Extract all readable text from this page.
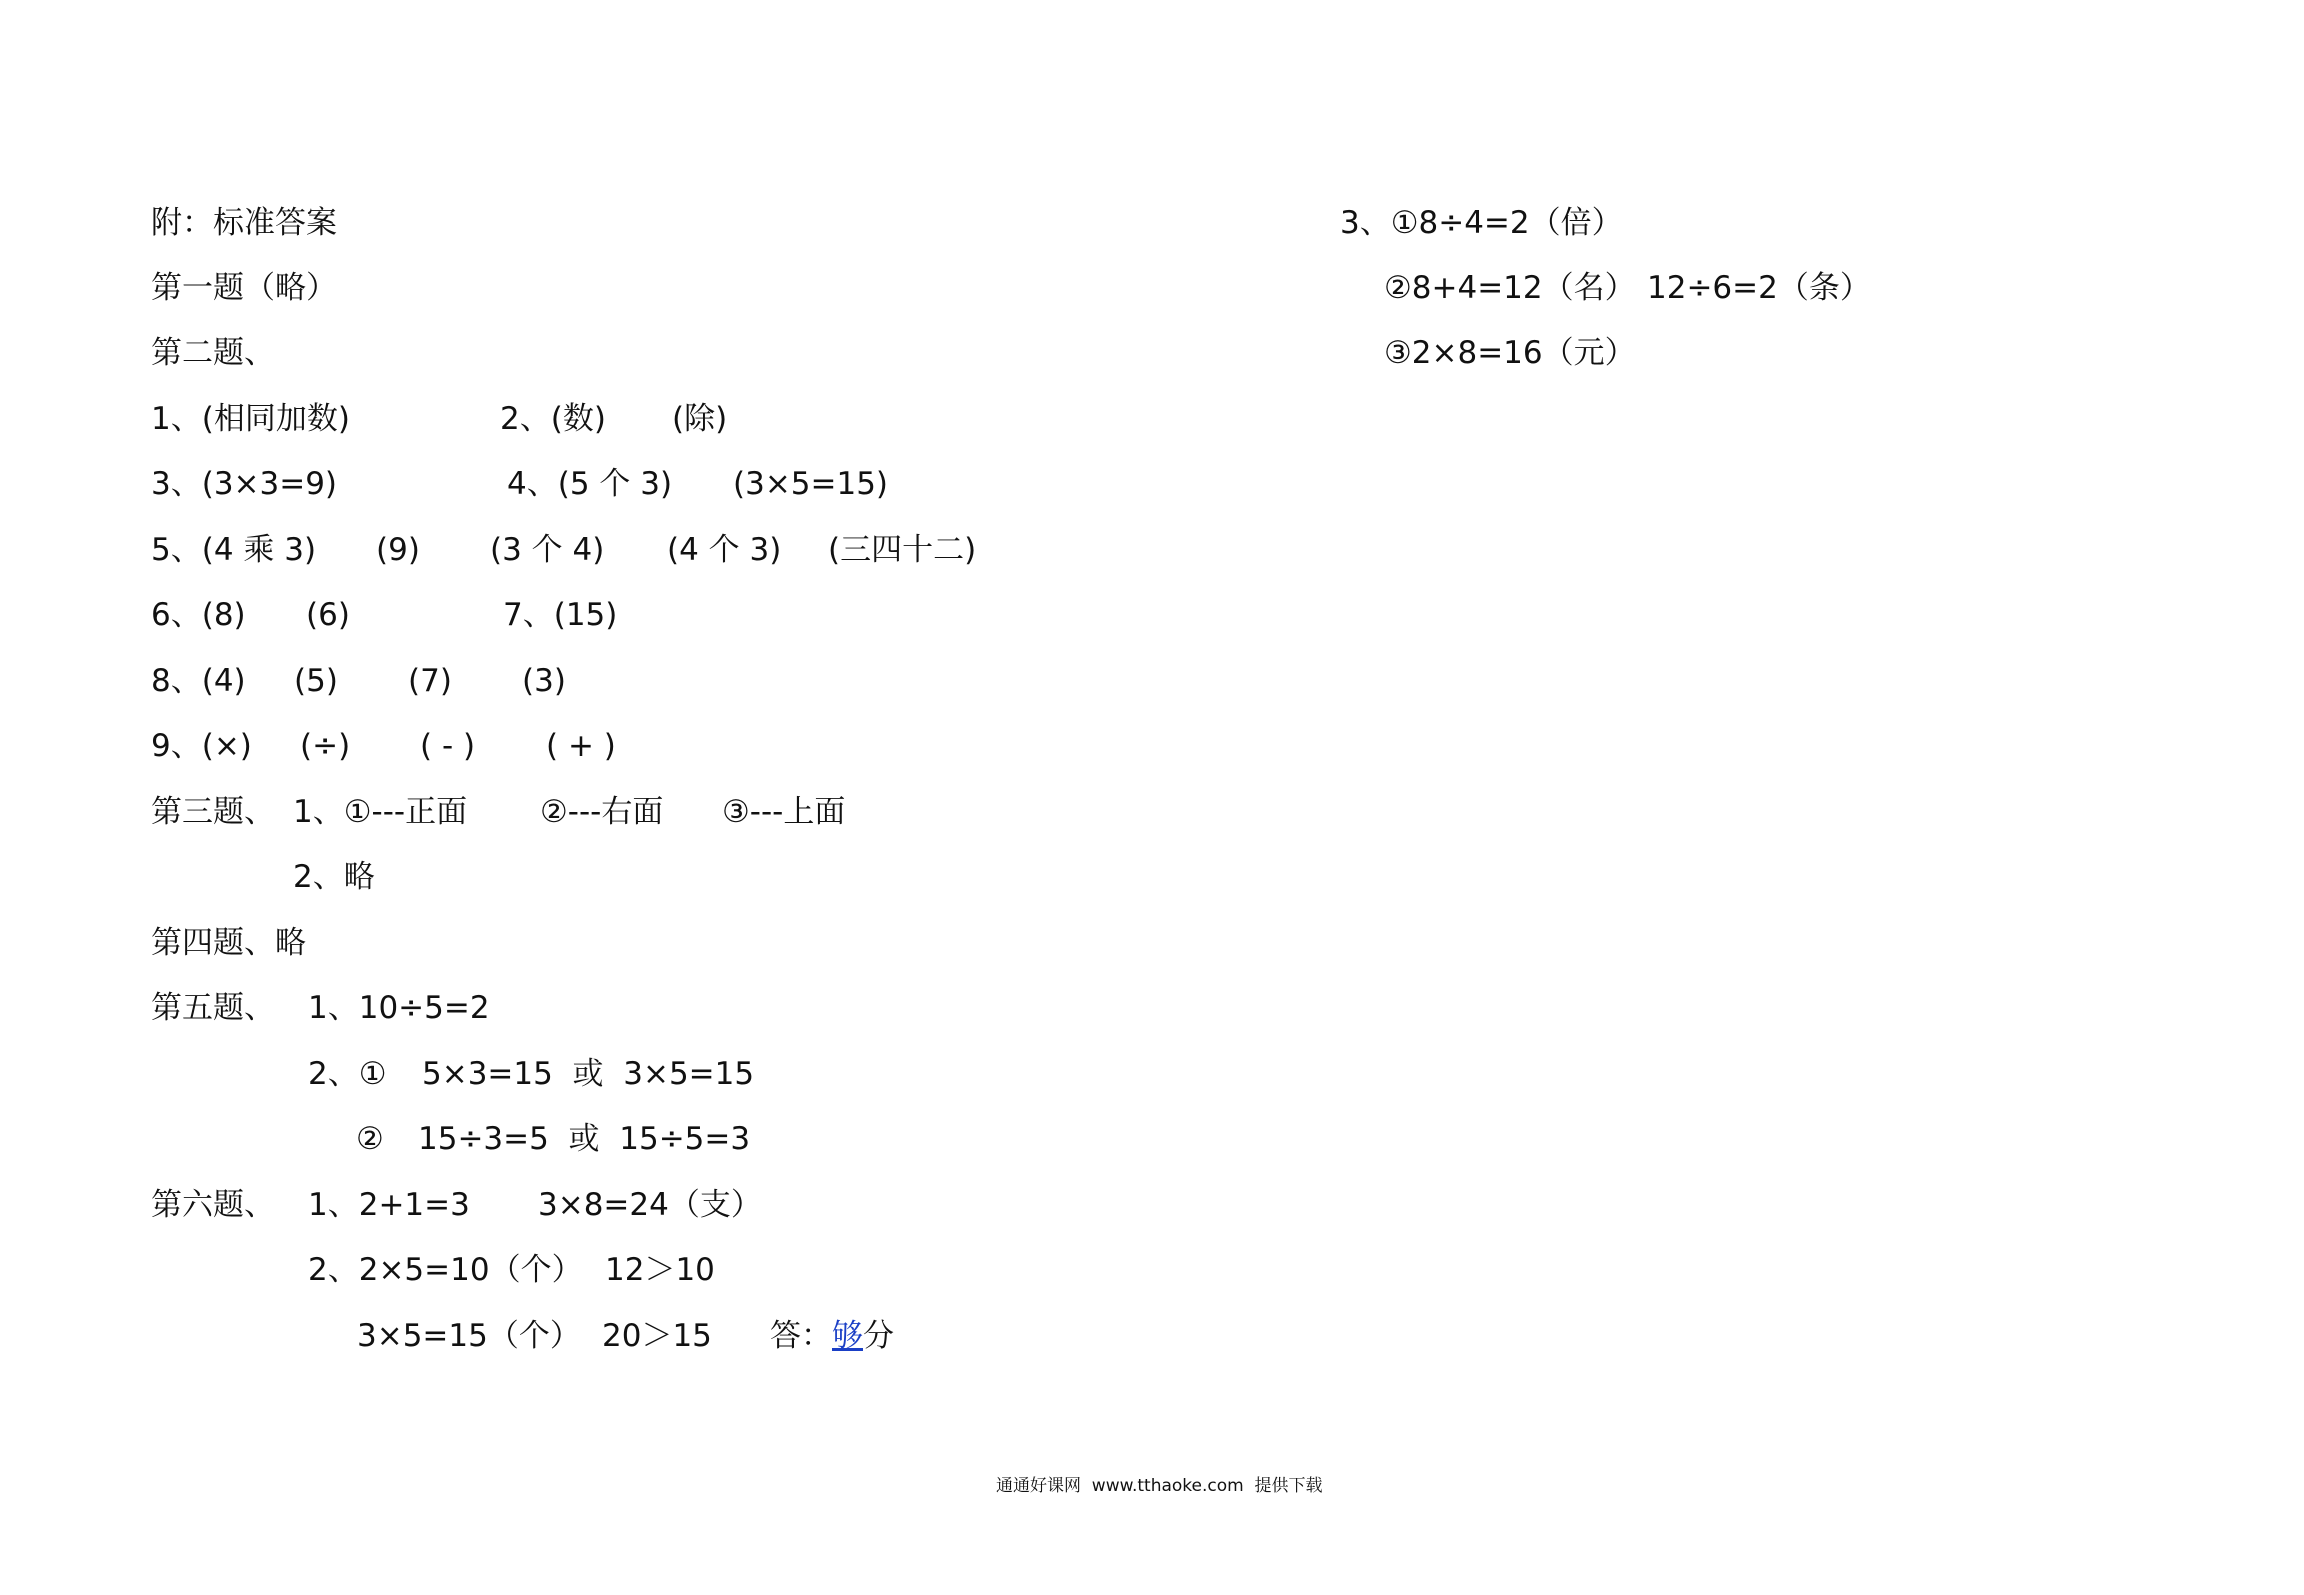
附：标准答案
第一题（略）
第二题、
1、(相同加数)	2、(数) (除)
3、(3×3=9)	4、(5 个 3) (3×5=15)
5、(4 乘 3) (9) (3 个 4) (4 个 3) (三四十二)
6、(8) (6)	7、(15)
8、(4) (5) (7) (3)
9、(×) (÷) ( - ) ( + )
第三题、 1、①---正面 ②---右面 ③---上面
2、略
第四题、略
第五题、 1、10÷5=2
2、① 5×3=15  或  3×5=15
② 15÷3=5  或  15÷5=3
第六题、 1、2+1=3 3×8=24（支）
2、2×5=10（个） 12＞10
3×5=15（个） 20＞15 答：够分
3、①8÷4=2（倍）
②8+4=12（名） 12÷6=2（条）
③2×8=16（元）
通通好课网  www.tthaoke.com  提供下载
